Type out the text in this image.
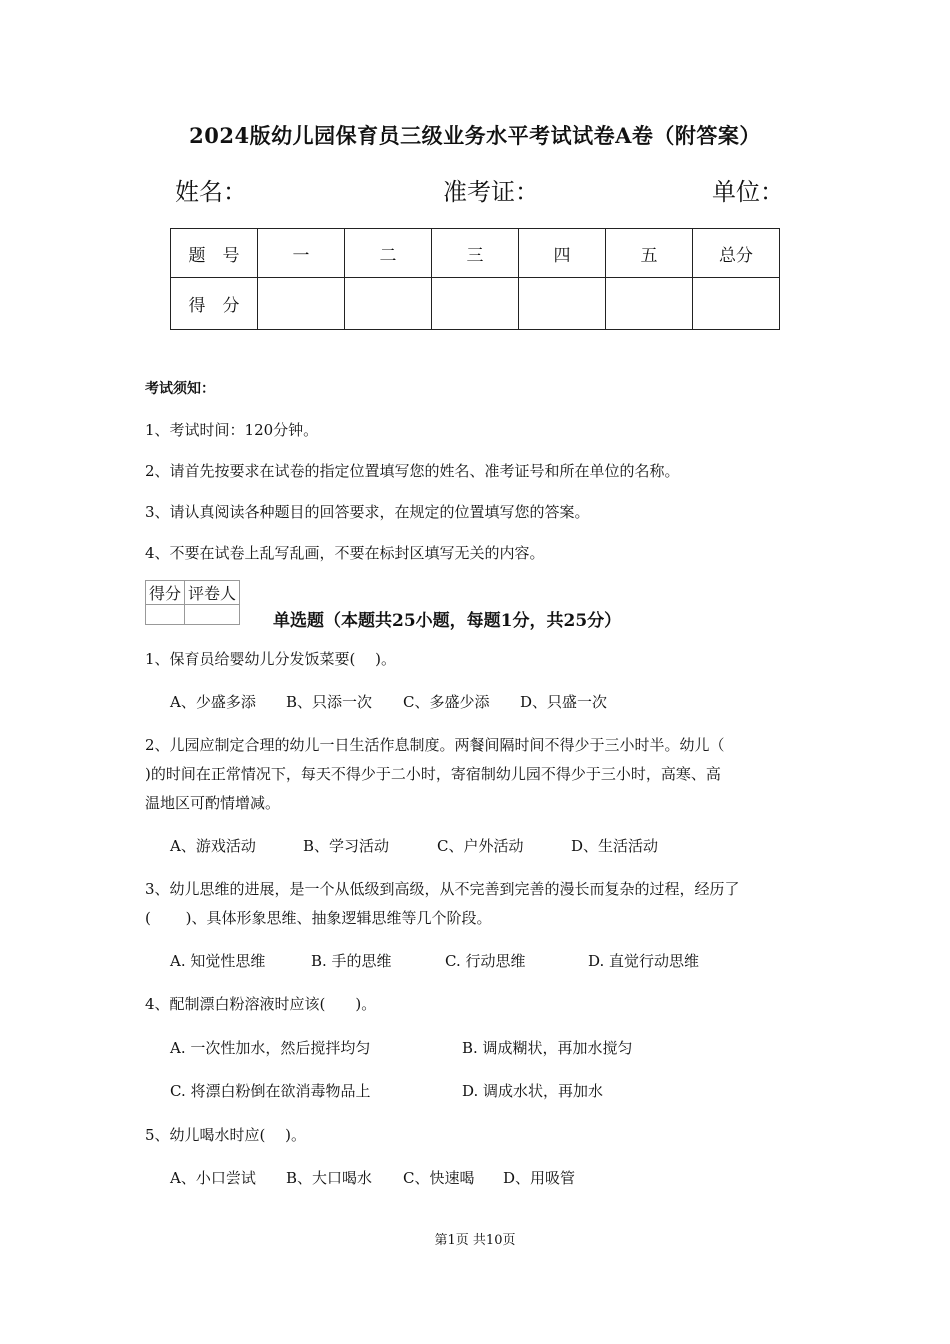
2024版幼儿园保育员三级业务水平考试试卷A卷（附答案）
姓名：	准考证：	单位：
题　号	一	二	三	四	五	总分
得　分						
考试须知：
1、考试时间：120分钟。
2、请首先按要求在试卷的指定位置填写您的姓名、准考证号和所在单位的名称。
3、请认真阅读各种题目的回答要求，在规定的位置填写您的答案。
4、不要在试卷上乱写乱画，不要在标封区填写无关的内容。
得分	评卷人

单选题（本题共25小题，每题1分，共25分）
1、保育员给婴幼儿分发饭菜要(　 )。
A、少盛多添 B、只添一次 C、多盛少添 D、只盛一次
2、儿园应制定合理的幼儿一日生活作息制度。两餐间隔时间不得少于三小时半。幼儿（
)的时间在正常情况下，每天不得少于二小时，寄宿制幼儿园不得少于三小时，高寒、高
温地区可酌情增减。
A、游戏活动	B、学习活动	C、户外活动	D、生活活动
3、幼儿思维的进展，是一个从低级到高级，从不完善到完善的漫长而复杂的过程，经历了
(　　 )、具体形象思维、抽象逻辑思维等几个阶段。
A. 知觉性思维	B. 手的思维	C. 行动思维	D. 直觉行动思维
4、配制漂白粉溶液时应该(　　)。
A. 一次性加水，然后搅拌均匀	B. 调成糊状，再加水搅匀
C. 将漂白粉倒在欲消毒物品上	D. 调成水状，再加水
5、幼儿喝水时应(　 )。
A、小口尝试 B、大口喝水 C、快速喝 D、用吸管
第1页 共10页
